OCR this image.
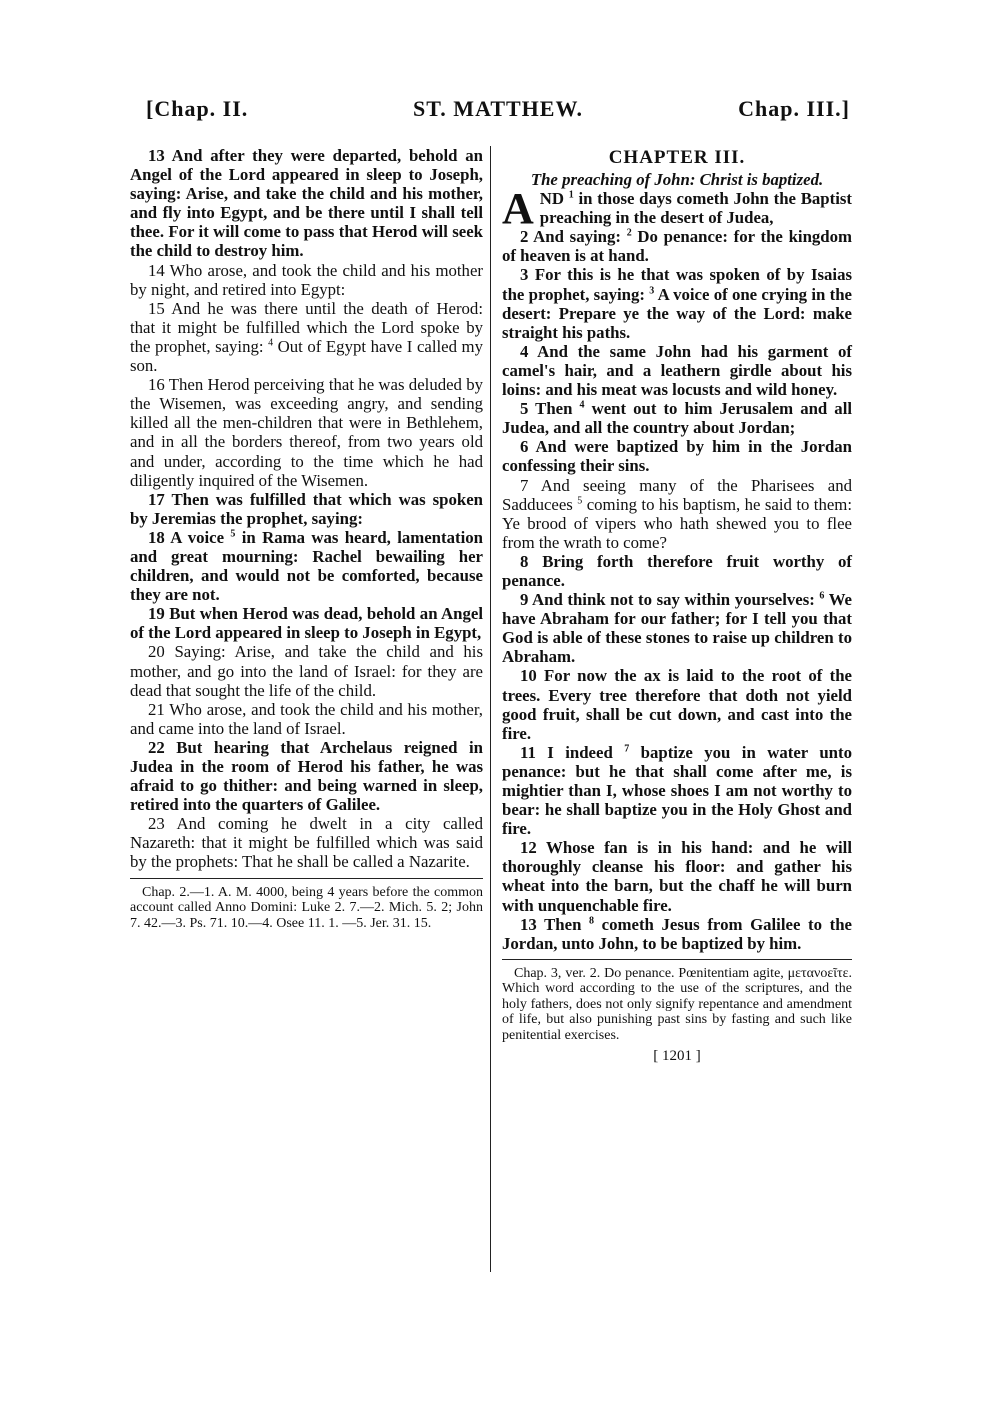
[Chap. II.	ST. MATTHEW.	Chap. III.]

13 And after they were departed, behold an Angel of the Lord appeared in sleep to Joseph, saying: Arise, and take the child and his mother, and fly into Egypt, and be there until I shall tell thee. For it will come to pass that Herod will seek the child to destroy him.

14 Who arose, and took the child and his mother by night, and retired into Egypt:

15 And he was there until the death of Herod: that it might be fulfilled which the Lord spoke by the prophet, saying: $^4$ Out of Egypt have I called my son.

16 Then Herod perceiving that he was deluded by the Wisemen, was exceeding angry, and sending killed all the men-children that were in Bethlehem, and in all the borders thereof, from two years old and under, according to the time which he had diligently inquired of the Wisemen.

17 Then was fulfilled that which was spoken by Jeremias the prophet, saying:

18 A voice $^5$ in Rama was heard, lamentation and great mourning: Rachel bewailing her children, and would not be comforted, because they are not.

19 But when Herod was dead, behold an Angel of the Lord appeared in sleep to Joseph in Egypt,

20 Saying: Arise, and take the child and his mother, and go into the land of Israel: for they are dead that sought the life of the child.

21 Who arose, and took the child and his mother, and came into the land of Israel.

22 But hearing that Archelaus reigned in Judea in the room of Herod his father, he was afraid to go thither: and being warned in sleep, retired into the quarters of Galilee.

23 And coming he dwelt in a city called Nazareth: that it might be fulfilled which was said by the prophets: That he shall be called a Nazarite.

Chap. 2.—1. A. M. 4000, being 4 years before the common account called Anno Domini: Luke 2. 7.—2. Mich. 5. 2; John 7. 42.—3. Ps. 71. 10.—4. Osee 11. 1. —5. Jer. 31. 15.

CHAPTER III.

The preaching of John: Christ is baptized.

A ND $^1$ in those days cometh John the Baptist preaching in the desert of Judea,

2 And saying: $^2$ Do penance: for the kingdom of heaven is at hand.

3 For this is he that was spoken of by Isaias the prophet, saying: $^3$ A voice of one crying in the desert: Prepare ye the way of the Lord: make straight his paths.

4 And the same John had his garment of camel's hair, and a leathern girdle about his loins: and his meat was locusts and wild honey.

5 Then $^4$ went out to him Jerusalem and all Judea, and all the country about Jordan;

6 And were baptized by him in the Jordan confessing their sins.

7 And seeing many of the Pharisees and Sadducees $^5$ coming to his baptism, he said to them: Ye brood of vipers who hath shewed you to flee from the wrath to come?

8 Bring forth therefore fruit worthy of penance.

9 And think not to say within yourselves: $^6$ We have Abraham for our father; for I tell you that God is able of these stones to raise up children to Abraham.

10 For now the ax is laid to the root of the trees. Every tree therefore that doth not yield good fruit, shall be cut down, and cast into the fire.

11 I indeed $^7$ baptize you in water unto penance: but he that shall come after me, is mightier than I, whose shoes I am not worthy to bear: he shall baptize you in the Holy Ghost and fire.

12 Whose fan is in his hand: and he will thoroughly cleanse his floor: and gather his wheat into the barn, but the chaff he will burn with unquenchable fire.

13 Then $^8$ cometh Jesus from Galilee to the Jordan, unto John, to be baptized by him.

Chap. 3, ver. 2. Do penance. Pœnitentiam agite, μετανοεῖτε. Which word according to the use of the scriptures, and the holy fathers, does not only signify repentance and amendment of life, but also punishing past sins by fasting and such like penitential exercises.

[ 1201 ]
